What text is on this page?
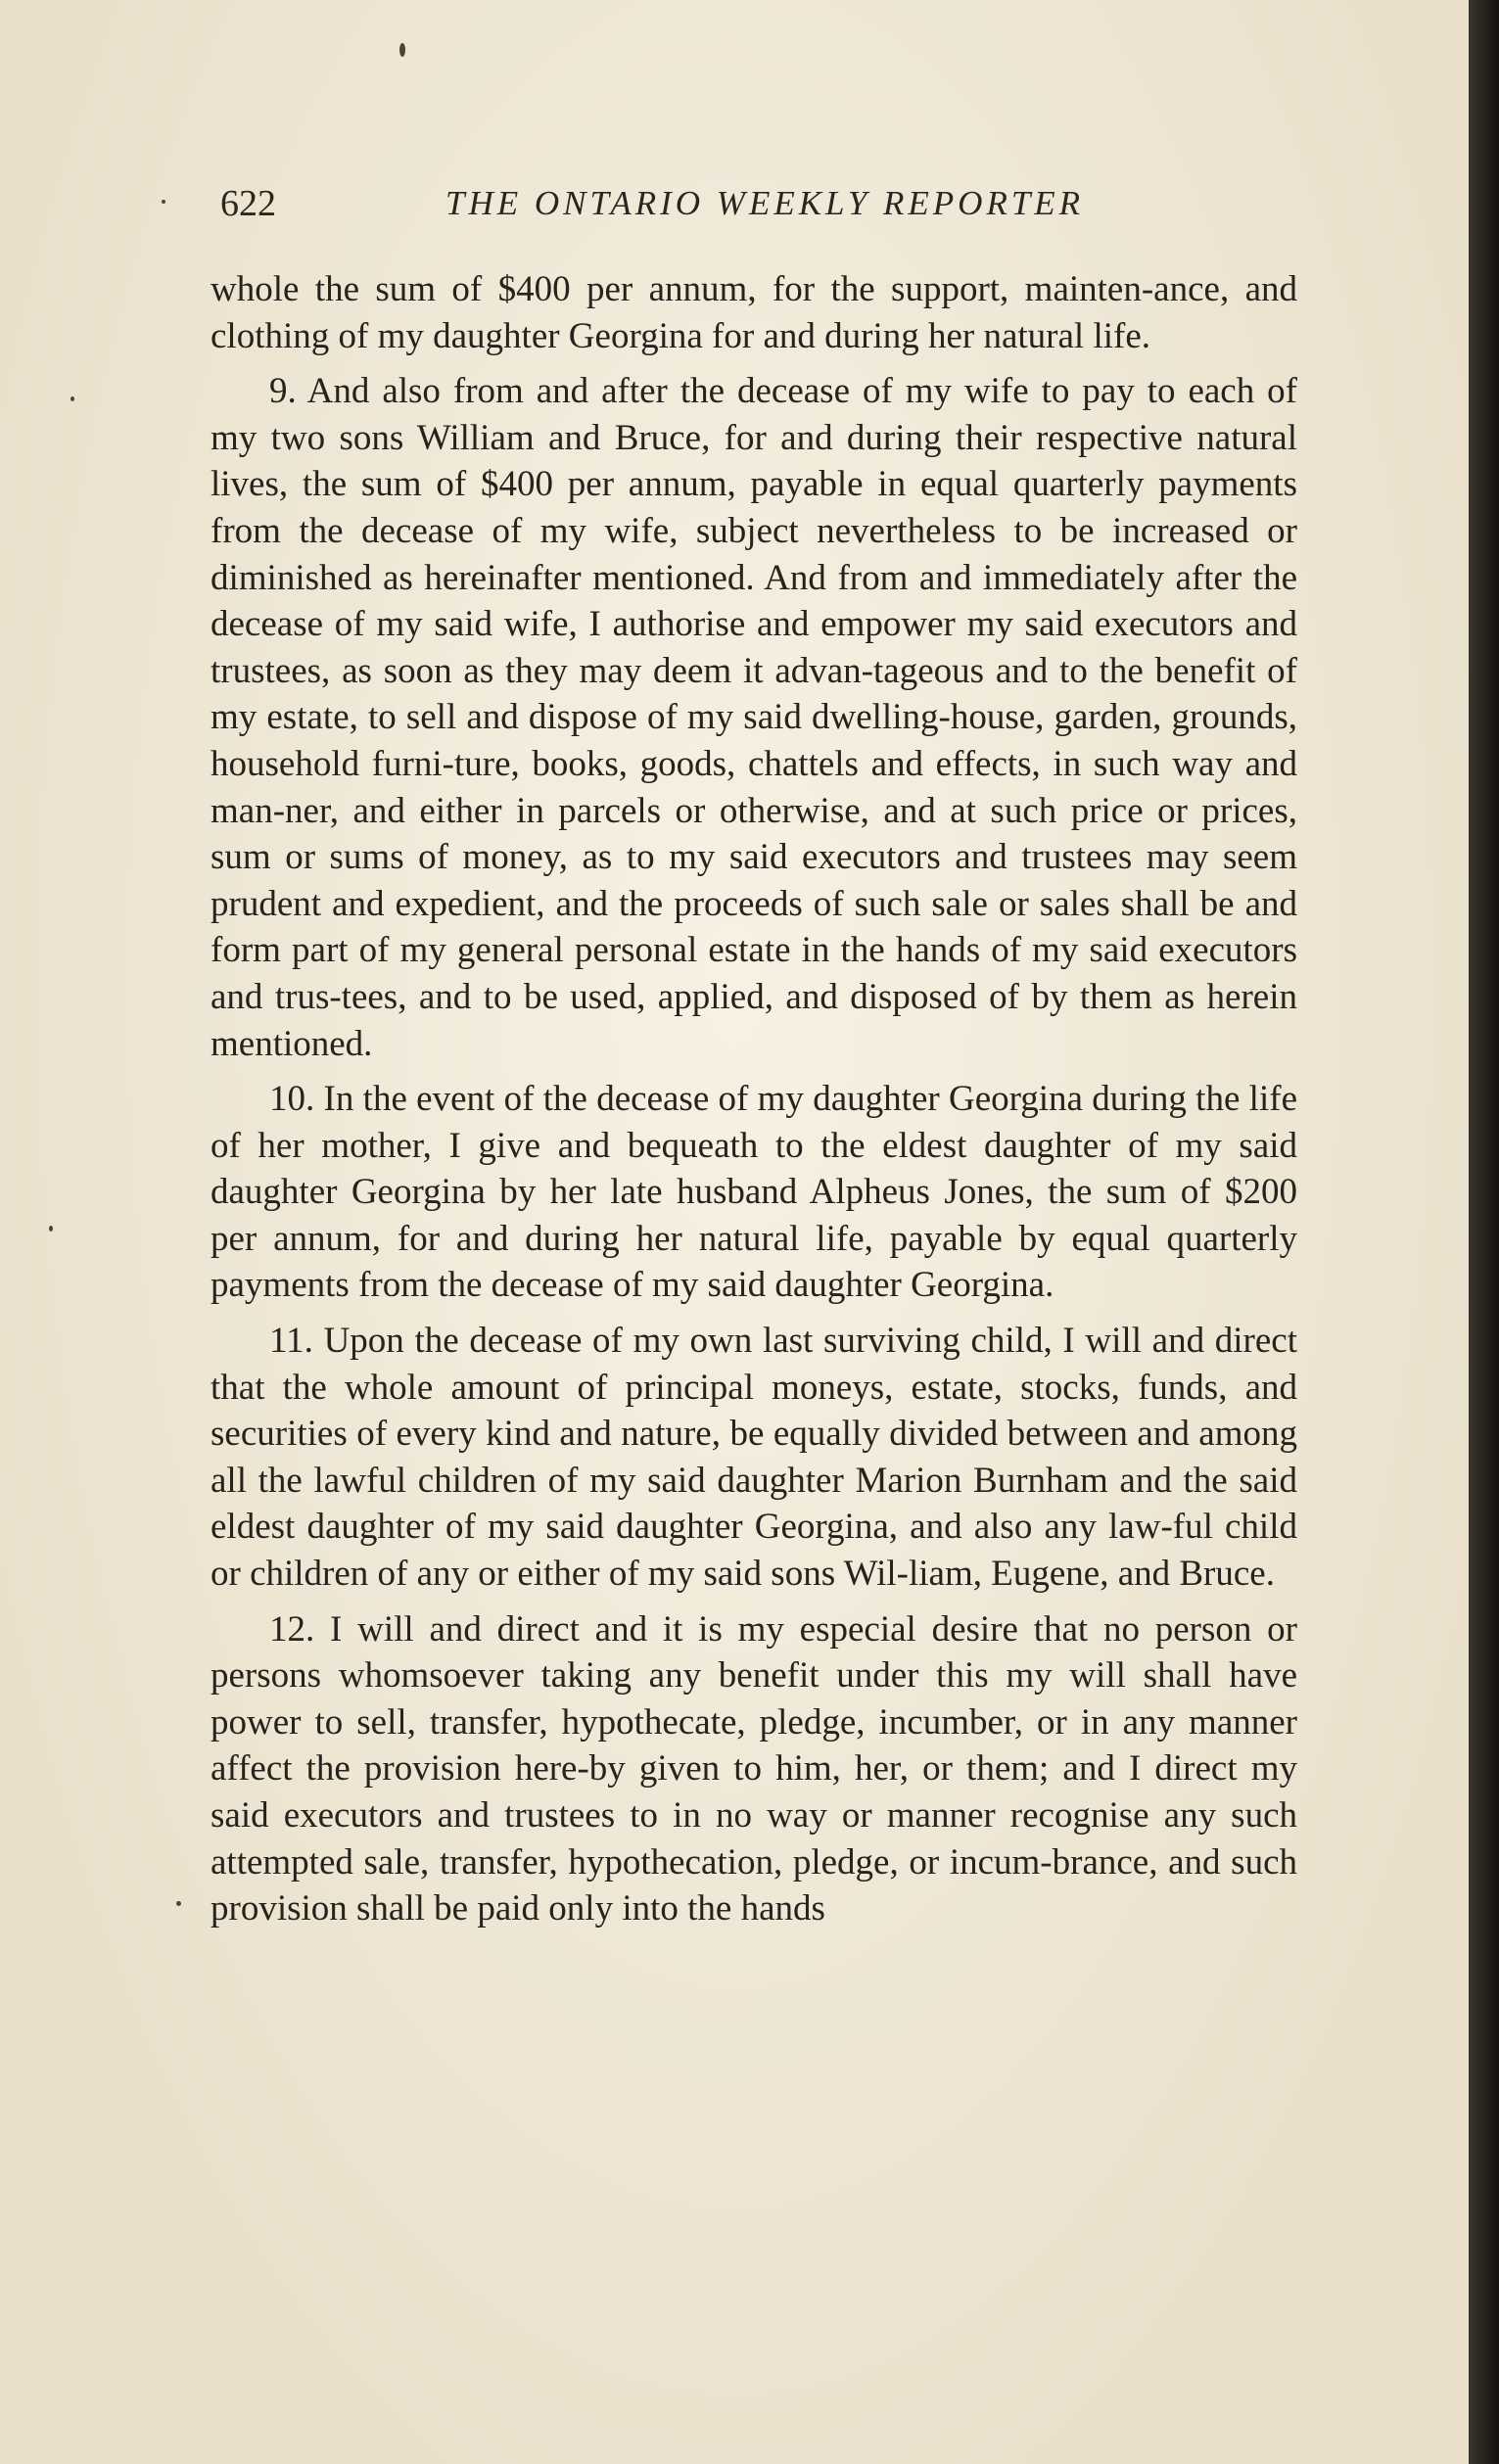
622	THE ONTARIO WEEKLY REPORTER

whole the sum of $400 per annum, for the support, mainten-ance, and clothing of my daughter Georgina for and during her natural life.

9. And also from and after the decease of my wife to pay to each of my two sons William and Bruce, for and during their respective natural lives, the sum of $400 per annum, payable in equal quarterly payments from the decease of my wife, subject nevertheless to be increased or diminished as hereinafter mentioned. And from and immediately after the decease of my said wife, I authorise and empower my said executors and trustees, as soon as they may deem it advan-tageous and to the benefit of my estate, to sell and dispose of my said dwelling-house, garden, grounds, household furni-ture, books, goods, chattels and effects, in such way and man-ner, and either in parcels or otherwise, and at such price or prices, sum or sums of money, as to my said executors and trustees may seem prudent and expedient, and the proceeds of such sale or sales shall be and form part of my general personal estate in the hands of my said executors and trus-tees, and to be used, applied, and disposed of by them as herein mentioned.

10. In the event of the decease of my daughter Georgina during the life of her mother, I give and bequeath to the eldest daughter of my said daughter Georgina by her late husband Alpheus Jones, the sum of $200 per annum, for and during her natural life, payable by equal quarterly payments from the decease of my said daughter Georgina.

11. Upon the decease of my own last surviving child, I will and direct that the whole amount of principal moneys, estate, stocks, funds, and securities of every kind and nature, be equally divided between and among all the lawful children of my said daughter Marion Burnham and the said eldest daughter of my said daughter Georgina, and also any law-ful child or children of any or either of my said sons Wil-liam, Eugene, and Bruce.

12. I will and direct and it is my especial desire that no person or persons whomsoever taking any benefit under this my will shall have power to sell, transfer, hypothecate, pledge, incumber, or in any manner affect the provision here-by given to him, her, or them; and I direct my said executors and trustees to in no way or manner recognise any such attempted sale, transfer, hypothecation, pledge, or incum-brance, and such provision shall be paid only into the hands
